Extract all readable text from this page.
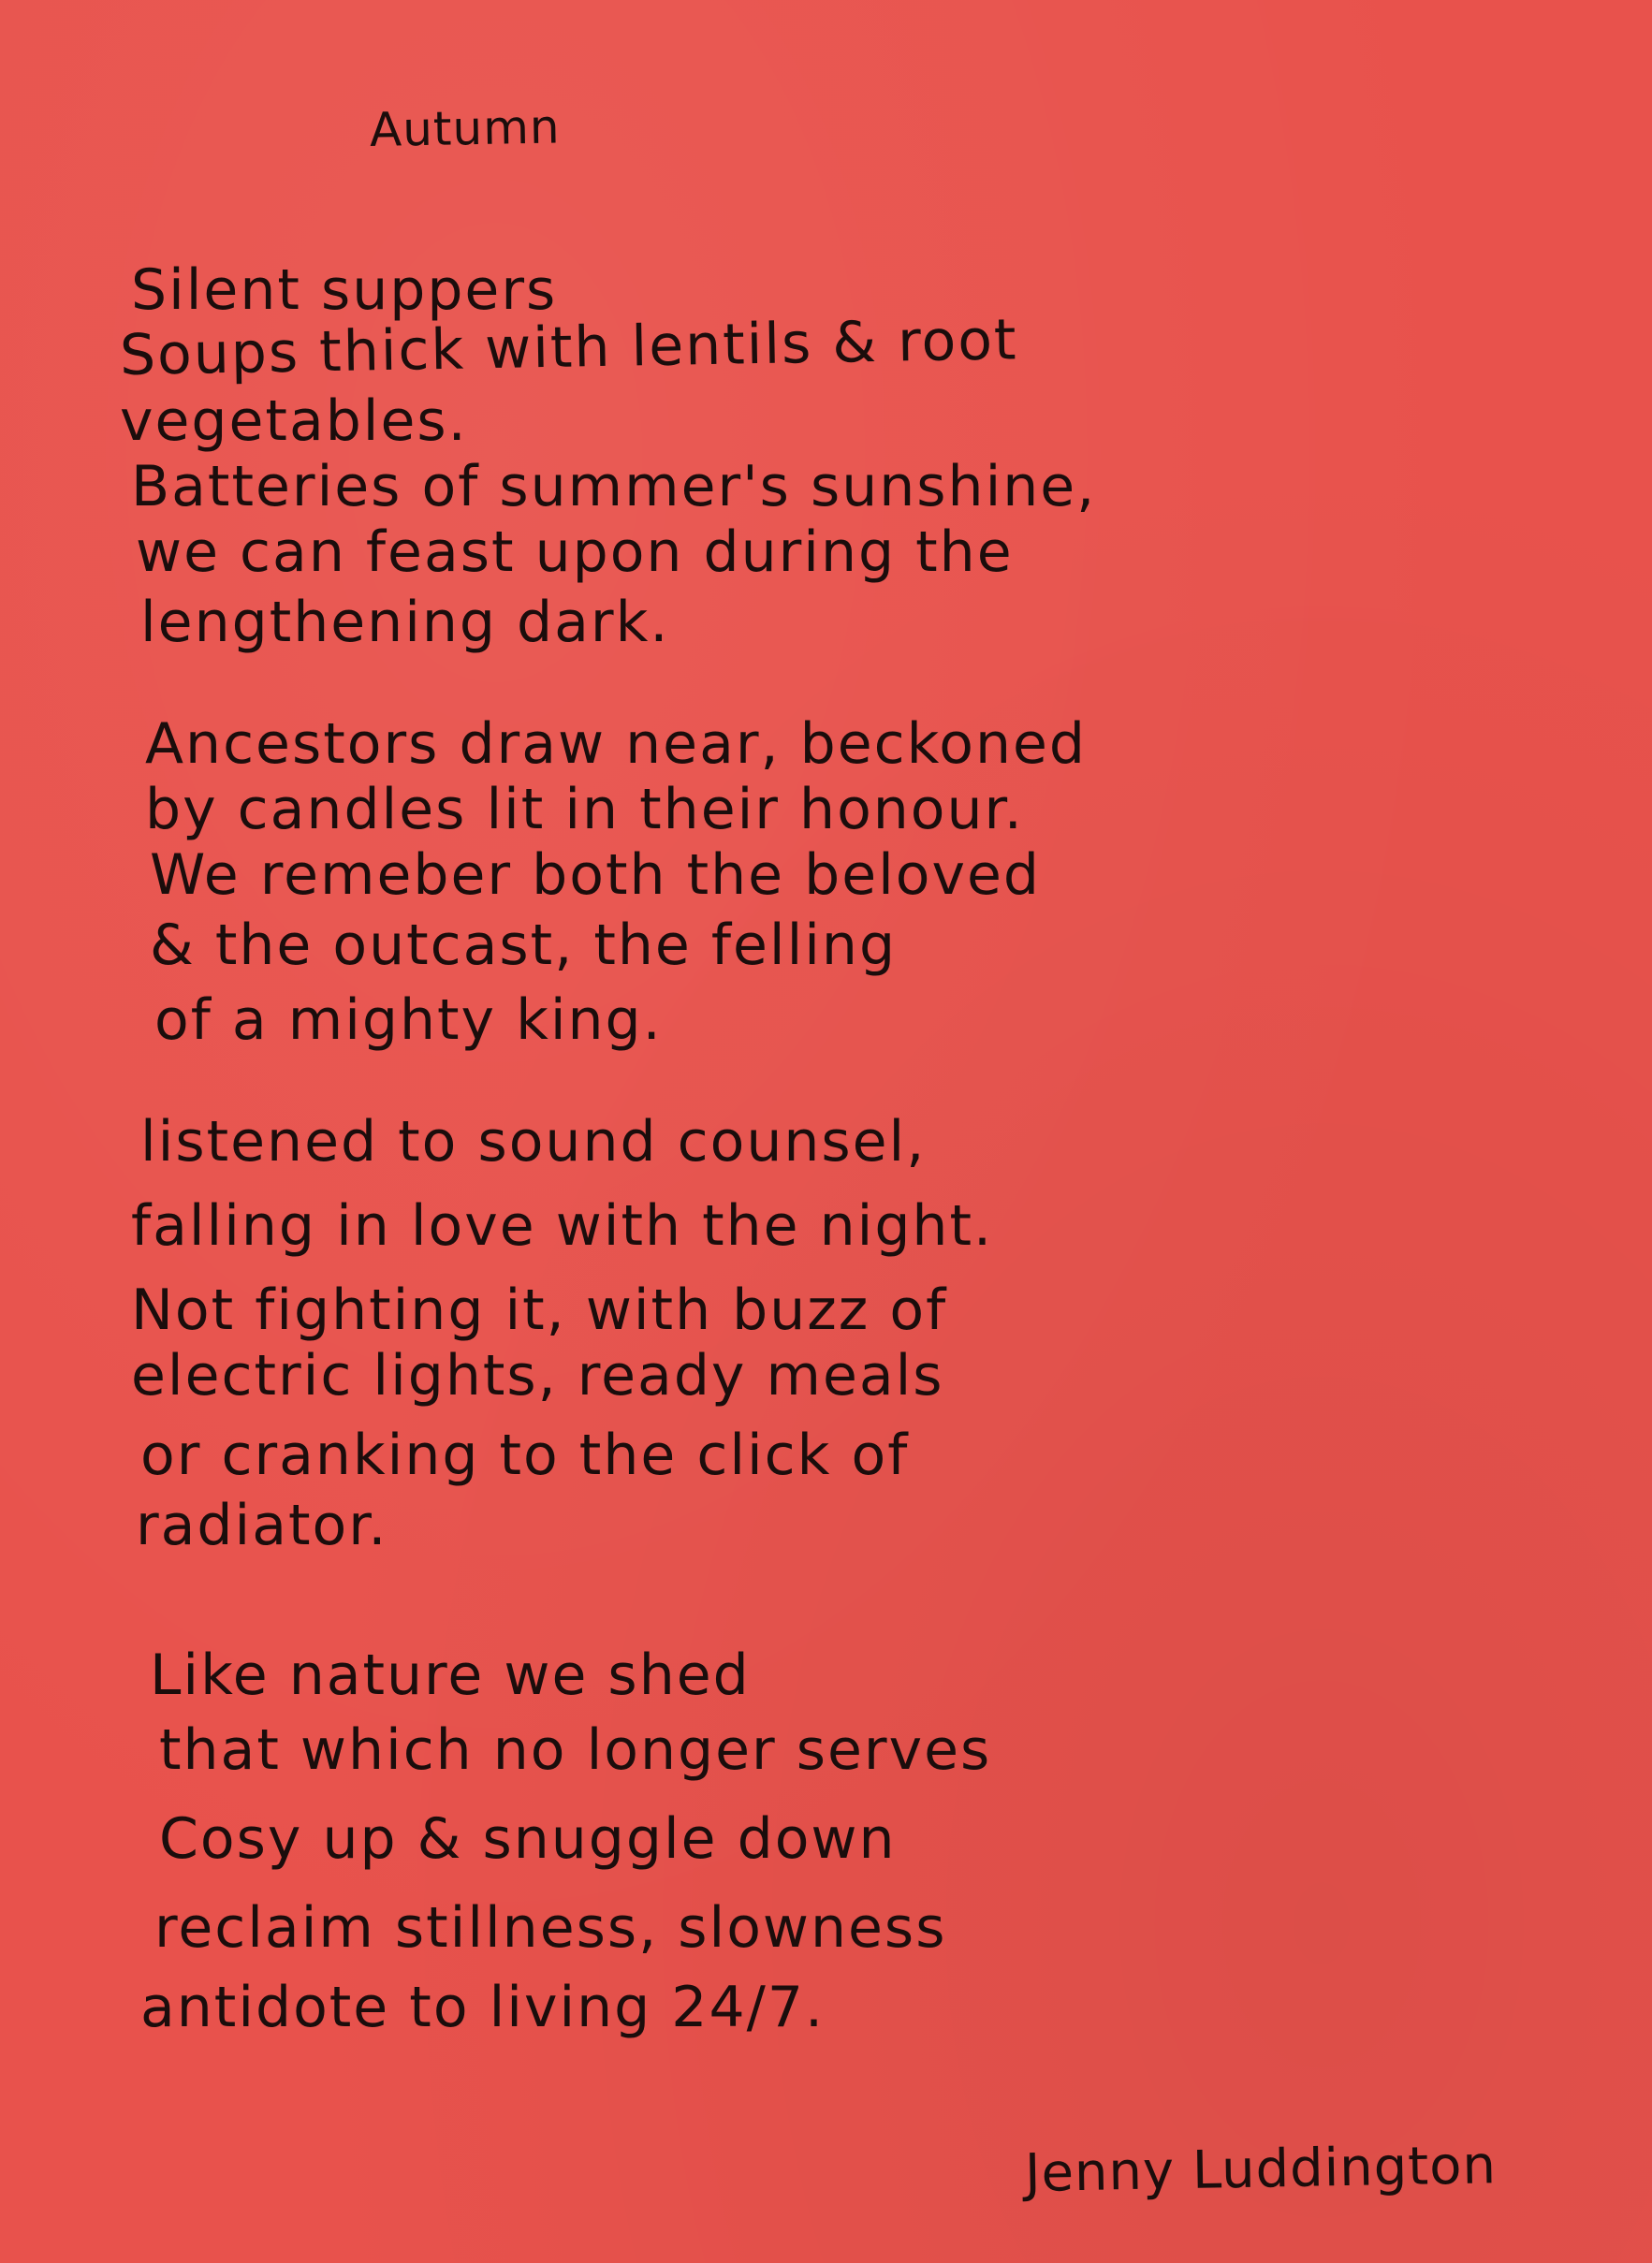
Autumn
Silent suppers
Soups thick with lentils & root
vegetables.
Batteries of summer's sunshine,
we can feast upon during the
lengthening dark.
Ancestors draw near, beckoned
by candles lit in their honour.
We remeber both the beloved
& the outcast, the felling
of a mighty king.
listened to sound counsel,
falling in love with the night.
Not fighting it, with buzz of
electric lights, ready meals
or cranking to the click of
radiator.
Like nature we shed
that which no longer serves
Cosy up & snuggle down
reclaim stillness, slowness
antidote to living 24/7.
Jenny Luddington
